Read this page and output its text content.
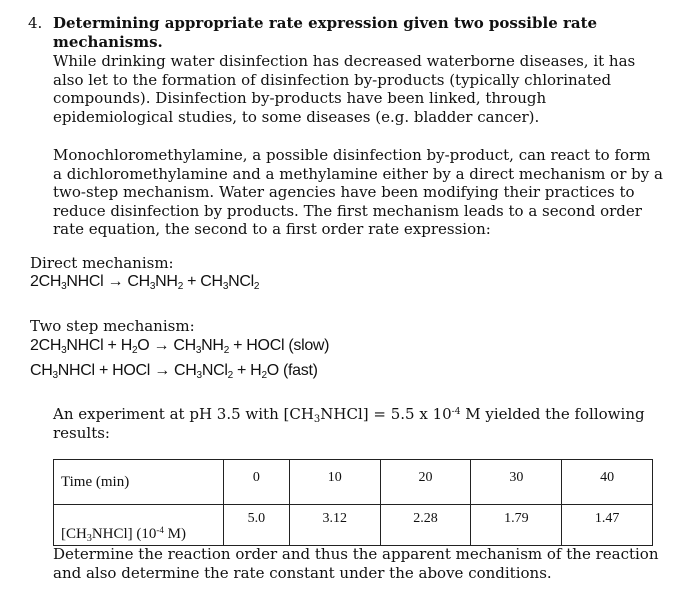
4. Determining appropriate rate expression given two possible rate mechanisms.
While drinking water disinfection has decreased waterborne diseases, it has also let to the formation of disinfection by-products (typically chlorinated compounds). Disinfection by-products have been linked, through epidemiological studies, to some diseases (e.g. bladder cancer).
Monochloromethylamine, a possible disinfection by-product, can react to form a dichloromethylamine and a methylamine either by a direct mechanism or by a two-step mechanism. Water agencies have been modifying their practices to reduce disinfection by products. The first mechanism leads to a second order rate equation, the second to a first order rate expression:
Direct mechanism:
$2CH_3NHCl \to CH_3NH_2 + CH_3NCl_2$
Two step mechanism:
$2CH_3NHCl + H_2O \to CH_3NH_2$ + HOCl (slow)
$CH_3NHCl$ + HOCl → $CH_3NCl_2 + H_2O$ (fast)
An experiment at pH 3.5 with $[CH_3NHCl] = 5.5$ x $10^{-4}$ M yielded the following results:
Time (min)	0	10	20	30	40
$[CH_3NHCl]$ ($10^{-4}$ M)	5.0	3.12	2.28	1.79	1.47
Determine the reaction order and thus the apparent mechanism of the reaction and also determine the rate constant under the above conditions.
